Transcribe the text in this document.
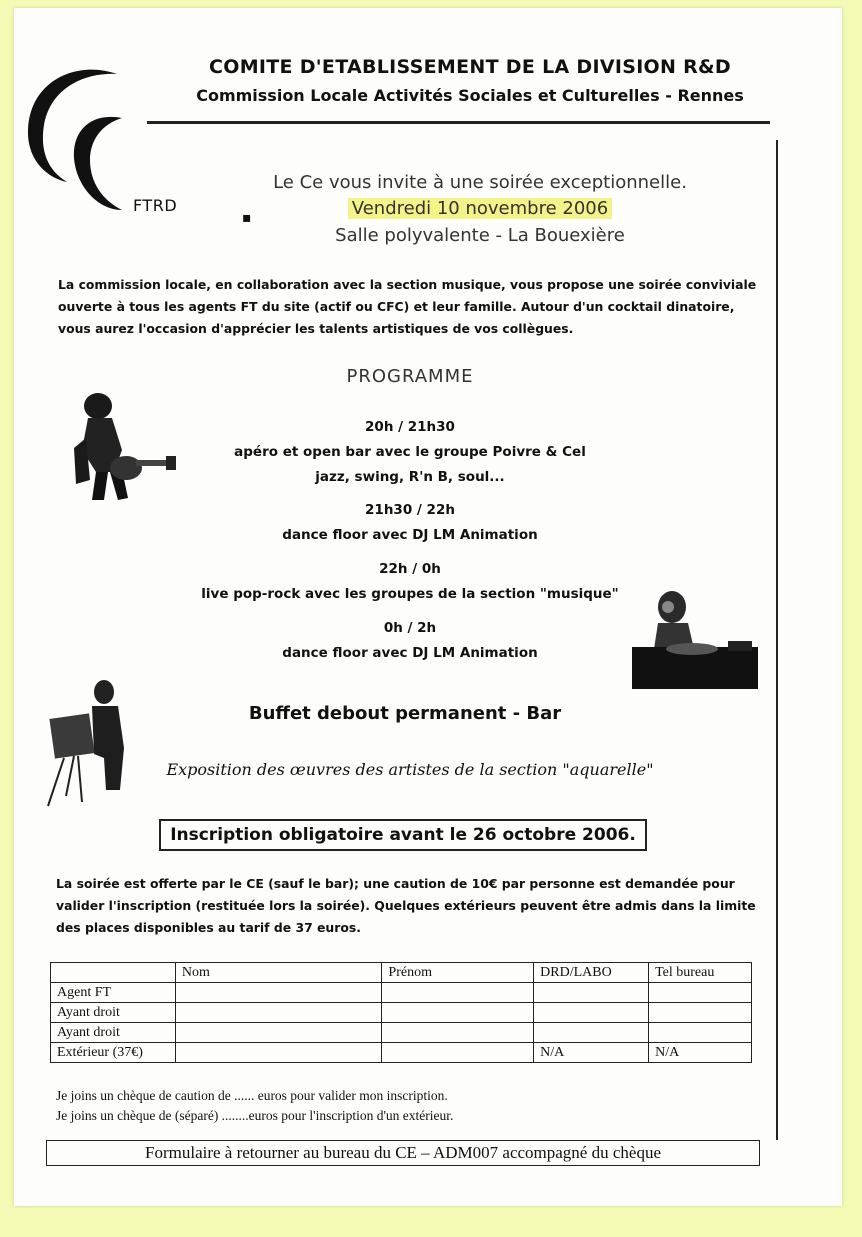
FTRD
COMITE D'ETABLISSEMENT DE LA DIVISION R&D
Commission Locale Activités Sociales et Culturelles - Rennes
Le Ce vous invite à une soirée exceptionnelle.
Vendredi 10 novembre 2006
Salle polyvalente - La Bouexière
▪
La commission locale, en collaboration avec la section musique, vous propose une soirée conviviale ouverte à tous les agents FT du site (actif ou CFC) et leur famille. Autour d'un cocktail dinatoire, vous aurez l'occasion d'apprécier les talents artistiques de vos collègues.
PROGRAMME
20h / 21h30
apéro et open bar avec le groupe Poivre & Cel
jazz, swing, R'n B, soul...
21h30 / 22h
dance floor avec DJ LM Animation
22h / 0h
live pop-rock avec les groupes de la section "musique"
0h / 2h
dance floor avec DJ LM Animation
Buffet debout permanent - Bar
Exposition des œuvres des artistes de la section "aquarelle"
Inscription obligatoire avant le 26 octobre 2006.
La soirée est offerte par le CE (sauf le bar); une caution de 10€ par personne est demandée pour valider l'inscription (restituée lors la soirée). Quelques extérieurs peuvent être admis dans la limite des places disponibles au tarif de 37 euros.
	Nom	Prénom	DRD/LABO	Tel bureau
Agent FT				
Ayant droit				
Ayant droit				
Extérieur (37€)			N/A	N/A
Je joins un chèque de caution de ...... euros pour valider mon inscription.
Je joins un chèque de (séparé) ........euros pour l'inscription d'un extérieur.
Formulaire à retourner au bureau du CE – ADM007 accompagné du chèque
